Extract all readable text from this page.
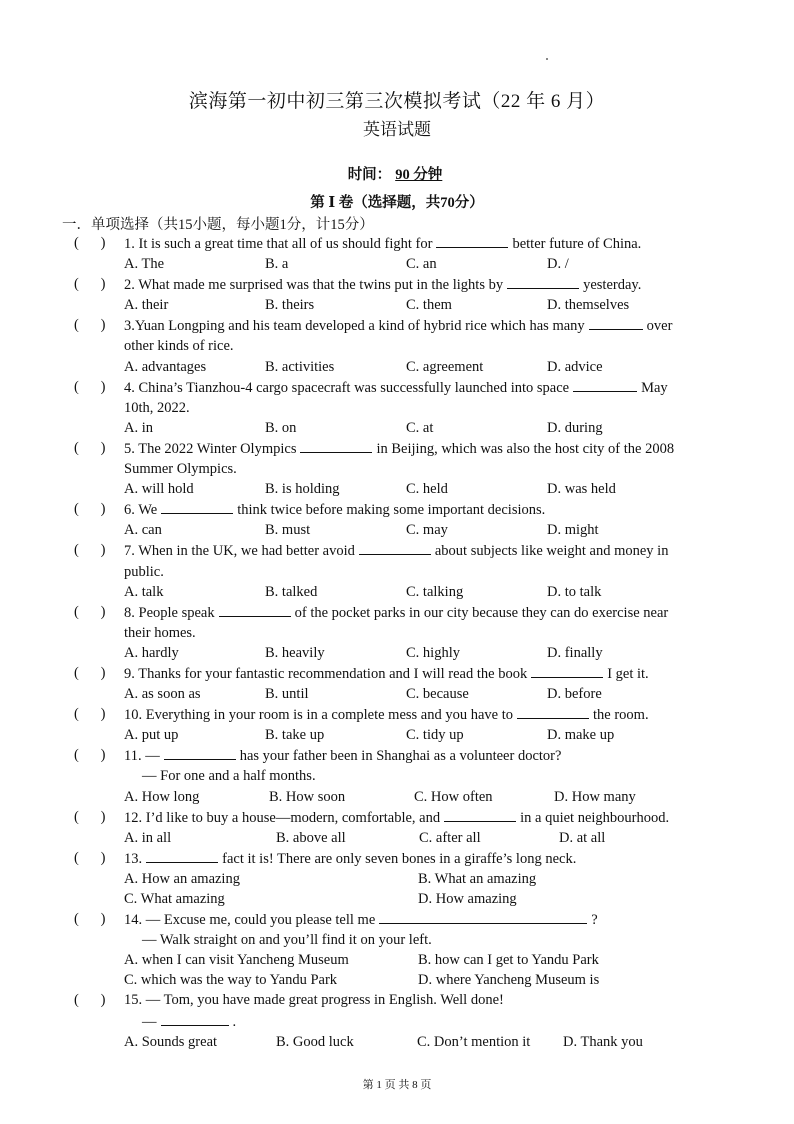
滨海第一初中初三第三次模拟考试（22 年 6 月）
英语试题
时间： 90 分钟
第 Ⅰ 卷（选择题，共70分）
一．单项选择（共15小题，每小题1分，计15分）
(      )	1. It is such a great time that all of us should fight for	better future of China.
A. The	B. a	C. an	D. /
(      )	2. What made me surprised was that the twins put in the lights by	yesterday.
A. their	B. theirs	C. them	D. themselves
(      )	3.Yuan Longping and his team developed a kind of hybrid rice which has many	over
other kinds of rice.
A. advantages	B. activities	C. agreement	D. advice
(      )	4. China’s Tianzhou-4 cargo spacecraft was successfully launched into space	May
10th, 2022.
A. in	B. on	C. at	D. during
(      )	5. The 2022 Winter Olympics	in Beijing, which was also the host city of the 2008
Summer Olympics.
A. will hold	B. is holding	C. held	D. was held
(      )	6. We	think twice before making some important decisions.
A. can	B. must	C. may	D. might
(      )	7. When in the UK, we had better avoid	about subjects like weight and money in
public.
A. talk	B. talked	C. talking	D. to talk
(      )	8. People speak	of the pocket parks in our city because they can do exercise near
their homes.
A. hardly	B. heavily	C. highly	D. finally
(      )	9. Thanks for your fantastic recommendation and I will read the book	I get it.
A. as soon as	B. until	C. because	D. before
(      )	10. Everything in your room is in a complete mess and you have to	the room.
A. put up	B. take up	C. tidy up	D. make up
(      )	11. —	has your father been in Shanghai as a volunteer doctor?
— For one and a half months.
A. How long	B. How soon	C. How often	D. How many
(      )	12. I’d like to buy a house—modern, comfortable, and	in a quiet neighbourhood.
A. in all	B. above all	C. after all	D. at all
(      )	13.	fact it is! There are only seven bones in a giraffe’s long neck.
A. How an amazing	B. What an amazing
C. What amazing	D. How amazing
(      )	14. — Excuse me, could you please tell me	?
— Walk straight on and you’ll find it on your left.
A. when I can visit Yancheng Museum	B. how can I get to Yandu Park
C. which was the way to Yandu Park	D. where Yancheng Museum is
(      )	15. — Tom, you have made great progress in English. Well done!
—	.
A. Sounds great	B. Good luck	C. Don’t mention it	D. Thank you
第 1 页 共 8 页
